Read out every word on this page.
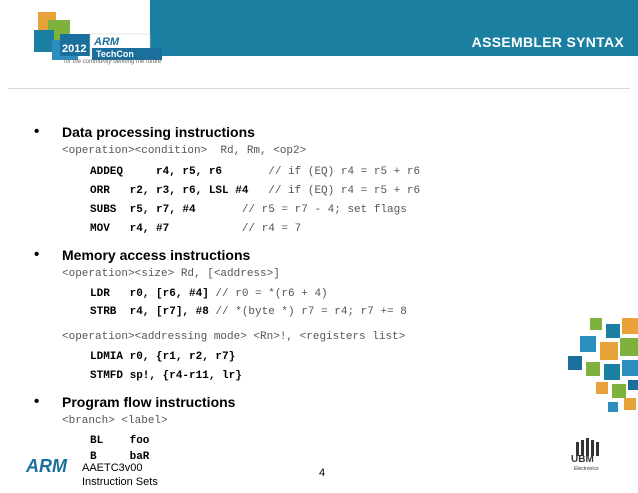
ASSEMBLER SYNTAX
2012
ARM
TechCon
for the community defining the future
• Data processing instructions
<operation><condition>  Rd, Rm, <op2>
ADDEQ     r4, r5, r6       // if (EQ) r4 = r5 + r6
ORR   r2, r3, r6, LSL #4   // if (EQ) r4 = r5 + r6
SUBS  r5, r7, #4       // r5 = r7 - 4; set flags
MOV   r4, #7           // r4 = 7
• Memory access instructions
<operation><size> Rd, [<address>]
LDR   r0, [r6, #4] // r0 = *(r6 + 4)
STRB  r4, [r7], #8 // *(byte *) r7 = r4; r7 += 8
<operation><addressing mode> <Rn>!, <registers list>
LDMIA r0, {r1, r2, r7}
STMFD sp!, {r4-r11, lr}
• Program flow instructions
<branch> <label>
BL    foo
B     baR	UBM
Electronics
ARM AAETC3v00
Instruction Sets
4
